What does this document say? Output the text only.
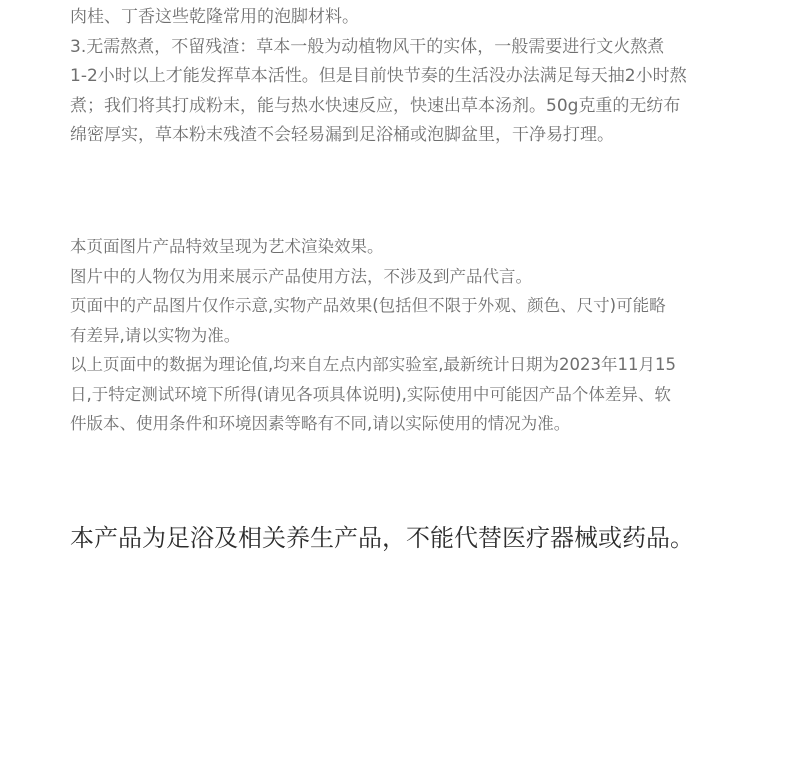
肉桂、丁香这些乾隆常用的泡脚材料。
3.无需熬煮，不留残渣：草本一般为动植物风干的实体，一般需要进行文火熬煮
1-2小时以上才能发挥草本活性。但是目前快节奏的生活没办法满足每天抽2小时熬
煮；我们将其打成粉末，能与热水快速反应，快速出草本汤剂。50g克重的无纺布
绵密厚实，草本粉末残渣不会轻易漏到足浴桶或泡脚盆里，干净易打理。
本页面图片产品特效呈现为艺术渲染效果。
图片中的人物仅为用来展示产品使用方法，不涉及到产品代言。
页面中的产品图片仅作示意,实物产品效果(包括但不限于外观、颜色、尺寸)可能略
有差异,请以实物为准。
以上页面中的数据为理论值,均来自左点内部实验室,最新统计日期为2023年11月15
日,于特定测试环境下所得(请见各项具体说明),实际使用中可能因产品个体差异、软
件版本、使用条件和环境因素等略有不同,请以实际使用的情况为准。
本产品为足浴及相关养生产品，不能代替医疗器械或药品。
